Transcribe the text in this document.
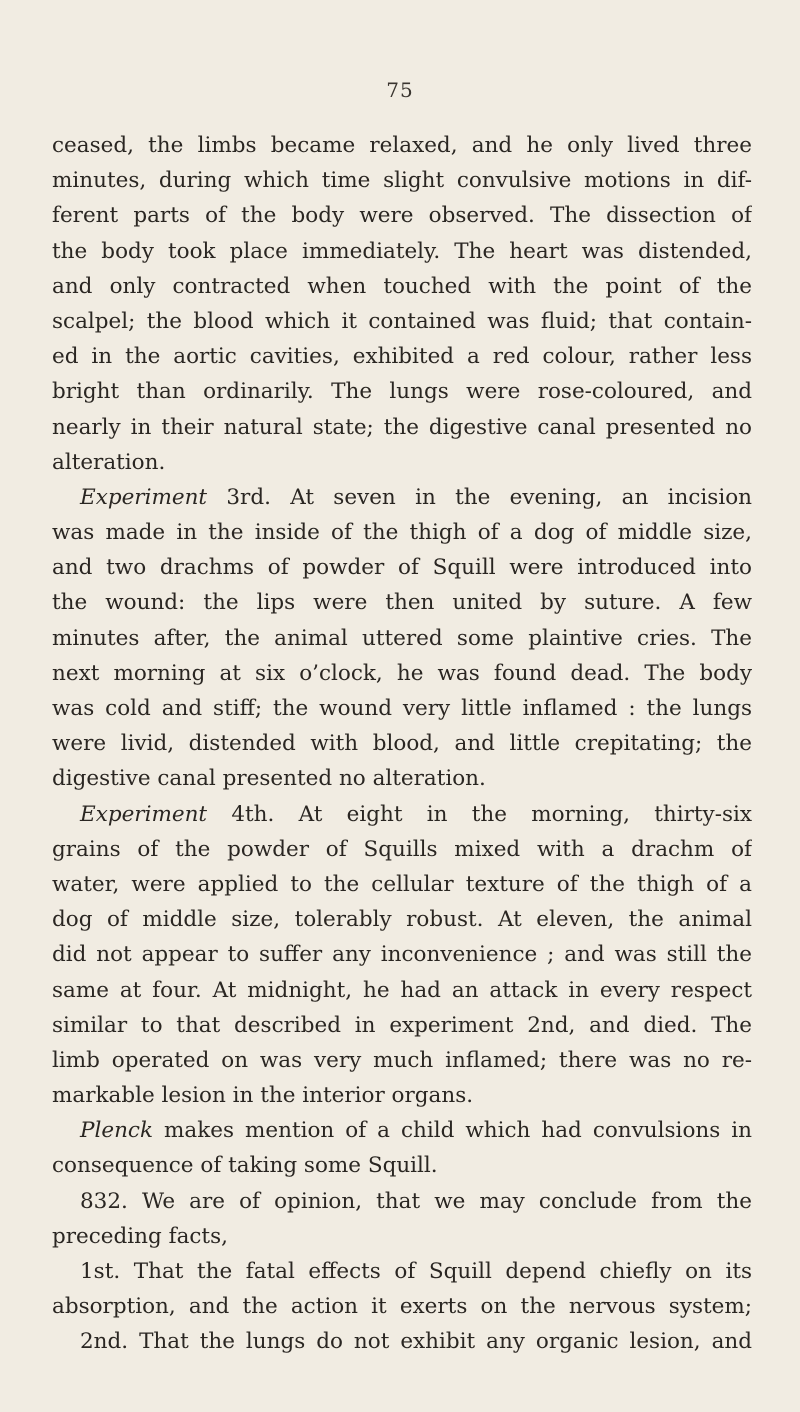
75
ceased, the limbs became relaxed, and he only lived three
minutes, during which time slight convulsive motions in dif-
ferent parts of the body were observed. The dissection of
the body took place immediately. The heart was distended,
and only contracted when touched with the point of the
scalpel; the blood which it contained was fluid; that contain-
ed in the aortic cavities, exhibited a red colour, rather less
bright than ordinarily. The lungs were rose-coloured, and
nearly in their natural state; the digestive canal presented no
alteration.
Experiment 3rd. At seven in the evening, an incision
was made in the inside of the thigh of a dog of middle size,
and two drachms of powder of Squill were introduced into
the wound: the lips were then united by suture. A few
minutes after, the animal uttered some plaintive cries. The
next morning at six o’clock, he was found dead. The body
was cold and stiff; the wound very little inflamed : the lungs
were livid, distended with blood, and little crepitating; the
digestive canal presented no alteration.
Experiment 4th. At eight in the morning, thirty-six
grains of the powder of Squills mixed with a drachm of
water, were applied to the cellular texture of the thigh of a
dog of middle size, tolerably robust. At eleven, the animal
did not appear to suffer any inconvenience ; and was still the
same at four. At midnight, he had an attack in every respect
similar to that described in experiment 2nd, and died. The
limb operated on was very much inflamed; there was no re-
markable lesion in the interior organs.
Plenck makes mention of a child which had convulsions in
consequence of taking some Squill.
832. We are of opinion, that we may conclude from the
preceding facts,
1st. That the fatal effects of Squill depend chiefly on its
absorption, and the action it exerts on the nervous system;
2nd. That the lungs do not exhibit any organic lesion, and
